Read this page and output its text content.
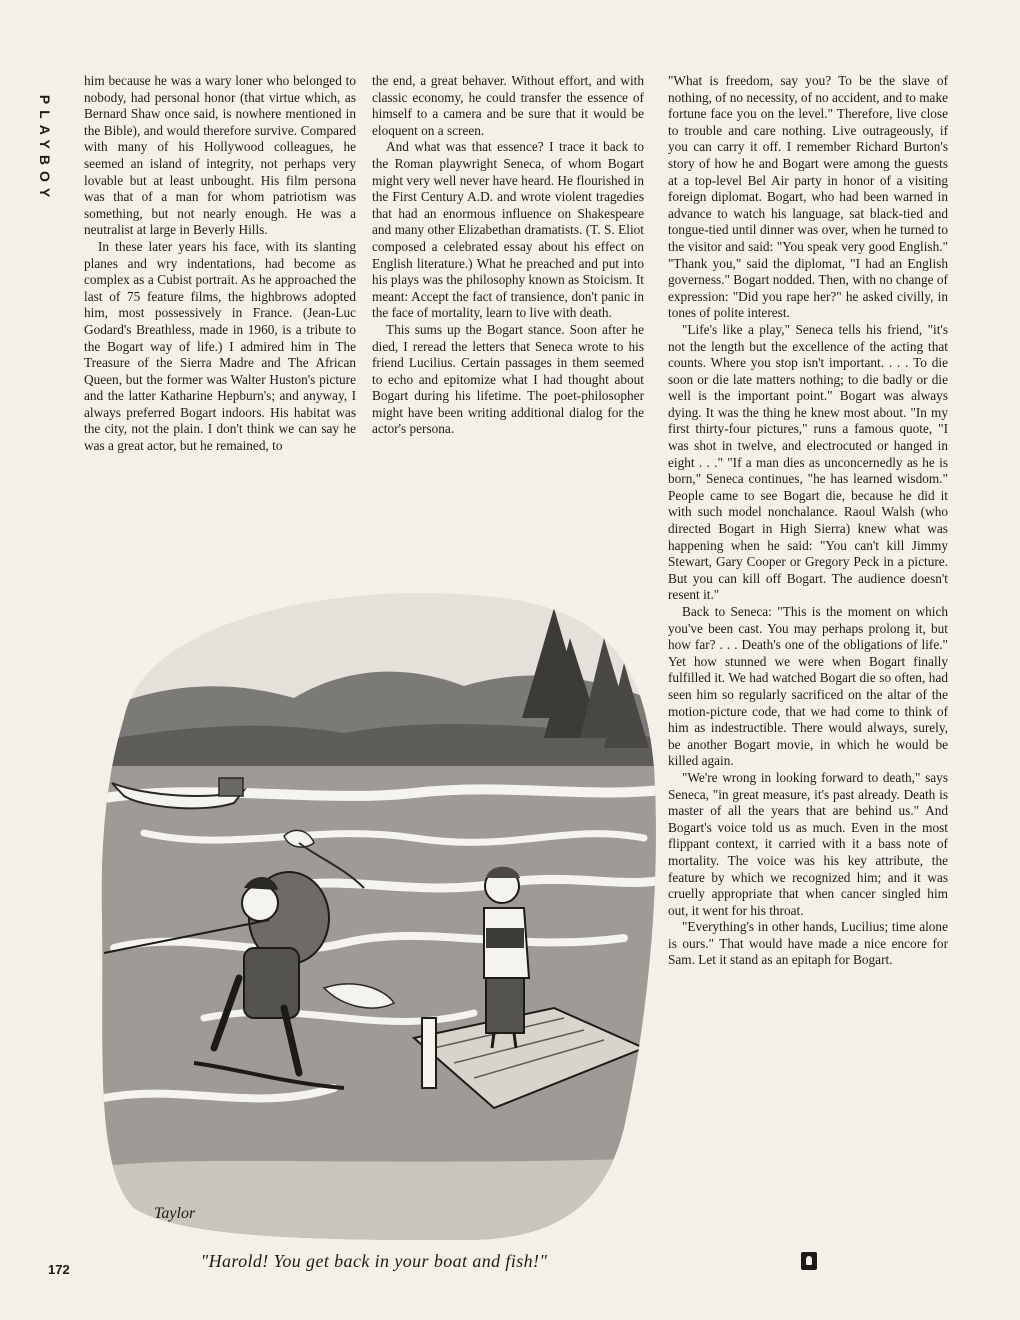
PLAYBOY

him because he was a wary loner who belonged to nobody, had personal honor (that virtue which, as Bernard Shaw once said, is nowhere mentioned in the Bible), and would therefore survive. Compared with many of his Hollywood colleagues, he seemed an island of integrity, not perhaps very lovable but at least unbought. His film persona was that of a man for whom patriotism was something, but not nearly enough. He was a neutralist at large in Beverly Hills.

In these later years his face, with its slanting planes and wry indentations, had become as complex as a Cubist portrait. As he approached the last of 75 feature films, the highbrows adopted him, most possessively in France. (Jean-Luc Godard's Breathless, made in 1960, is a tribute to the Bogart way of life.) I admired him in The Treasure of the Sierra Madre and The African Queen, but the former was Walter Huston's picture and the latter Katharine Hepburn's; and anyway, I always preferred Bogart indoors. His habitat was the city, not the plain. I don't think we can say he was a great actor, but he remained, to

the end, a great behaver. Without effort, and with classic economy, he could transfer the essence of himself to a camera and be sure that it would be eloquent on a screen.

And what was that essence? I trace it back to the Roman playwright Seneca, of whom Bogart might very well never have heard. He flourished in the First Century A.D. and wrote violent tragedies that had an enormous influence on Shakespeare and many other Elizabethan dramatists. (T. S. Eliot composed a celebrated essay about his effect on English literature.) What he preached and put into his plays was the philosophy known as Stoicism. It meant: Accept the fact of transience, don't panic in the face of mortality, learn to live with death.

This sums up the Bogart stance. Soon after he died, I reread the letters that Seneca wrote to his friend Lucilius. Certain passages in them seemed to echo and epitomize what I had thought about Bogart during his lifetime. The poet-philosopher might have been writing additional dialog for the actor's persona.

"What is freedom, say you? To be the slave of nothing, of no necessity, of no accident, and to make fortune face you on the level." Therefore, live close to trouble and care nothing. Live outrageously, if you can carry it off. I remember Richard Burton's story of how he and Bogart were among the guests at a top-level Bel Air party in honor of a visiting foreign diplomat. Bogart, who had been warned in advance to watch his language, sat black-tied and tongue-tied until dinner was over, when he turned to the visitor and said: "You speak very good English." "Thank you," said the diplomat, "I had an English governess." Bogart nodded. Then, with no change of expression: "Did you rape her?" he asked civilly, in tones of polite interest.

"Life's like a play," Seneca tells his friend, "it's not the length but the excellence of the acting that counts. Where you stop isn't important. . . . To die soon or die late matters nothing; to die badly or die well is the important point." Bogart was always dying. It was the thing he knew most about. "In my first thirty-four pictures," runs a famous quote, "I was shot in twelve, and electrocuted or hanged in eight . . ." "If a man dies as unconcernedly as he is born," Seneca continues, "he has learned wisdom." People came to see Bogart die, because he did it with such model nonchalance. Raoul Walsh (who directed Bogart in High Sierra) knew what was happening when he said: "You can't kill Jimmy Stewart, Gary Cooper or Gregory Peck in a picture. But you can kill off Bogart. The audience doesn't resent it."

Back to Seneca: "This is the moment on which you've been cast. You may perhaps prolong it, but how far? . . . Death's one of the obligations of life." Yet how stunned we were when Bogart finally fulfilled it. We had watched Bogart die so often, had seen him so regularly sacrificed on the altar of the motion-picture code, that we had come to think of him as indestructible. There would always, surely, be another Bogart movie, in which he would be killed again.

"We're wrong in looking forward to death," says Seneca, "in great measure, it's past already. Death is master of all the years that are behind us." And Bogart's voice told us as much. Even in the most flippant context, it carried with it a bass note of mortality. The voice was his key attribute, the feature by which we recognized him; and it was cruelly appropriate that when cancer singled him out, it went for his throat.

"Everything's in other hands, Lucilius; time alone is ours." That would have made a nice encore for Sam. Let it stand as an epitaph for Bogart.

Taylor
"Harold! You get back in your boat and fish!"
172
